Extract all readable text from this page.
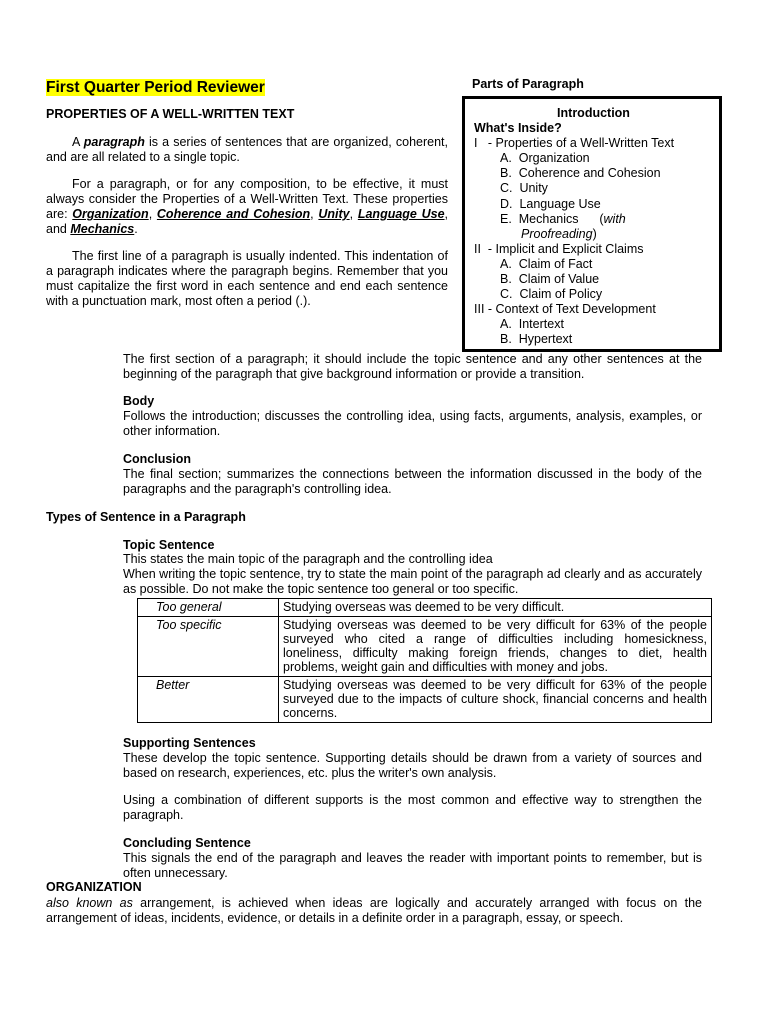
First Quarter Period Reviewer
PROPERTIES OF A WELL-WRITTEN TEXT
A paragraph is a series of sentences that are organized, coherent, and are all related to a single topic.
For a paragraph, or for any composition, to be effective, it must always consider the Properties of a Well-Written Text. These properties are: Organization, Coherence and Cohesion, Unity, Language Use, and Mechanics.
The first line of a paragraph is usually indented. This indentation of a paragraph indicates where the paragraph begins. Remember that you must capitalize the first word in each sentence and end each sentence with a punctuation mark, most often a period (.).
Parts of Paragraph
The first section of a paragraph; it should include the topic sentence and any other sentences at the beginning of the paragraph that give background information or provide a transition.
Introduction
What's Inside?
I   - Properties of a Well-Written Text
A.  Organization
B.  Coherence and Cohesion
C.  Unity
D.  Language Use
E.  Mechanics      (with
Proofreading)
II  - Implicit and Explicit Claims
A.  Claim of Fact
B.  Claim of Value
C.  Claim of Policy
III - Context of Text Development
A.  Intertext
B.  Hypertext
Body
Follows the introduction; discusses the controlling idea, using facts, arguments, analysis, examples, or other information.
Conclusion
The final section; summarizes the connections between the information discussed in the body of the paragraphs and the paragraph's controlling idea.
Types of Sentence in a Paragraph
Topic Sentence
This states the main topic of the paragraph and the controlling idea
When writing the topic sentence, try to state the main point of the paragraph ad clearly and as accurately as possible. Do not make the topic sentence too general or too specific.
Too general	Studying overseas was deemed to be very difficult.
Too specific	Studying overseas was deemed to be very difficult for 63% of the people surveyed who cited a range of difficulties including homesickness, loneliness, difficulty making foreign friends, changes to diet, health problems, weight gain and difficulties with money and jobs.
Better	Studying overseas was deemed to be very difficult for 63% of the people surveyed due to the impacts of culture shock, financial concerns and health concerns.
Supporting Sentences
These develop the topic sentence. Supporting details should be drawn from a variety of sources and based on research, experiences, etc. plus the writer's own analysis.
Using a combination of different supports is the most common and effective way to strengthen the paragraph.
Concluding Sentence
This signals the end of the paragraph and leaves the reader with important points to remember, but is often unnecessary.
ORGANIZATION
also known as arrangement, is achieved when ideas are logically and accurately arranged with focus on the arrangement of ideas, incidents, evidence, or details in a definite order in a paragraph, essay, or speech.
